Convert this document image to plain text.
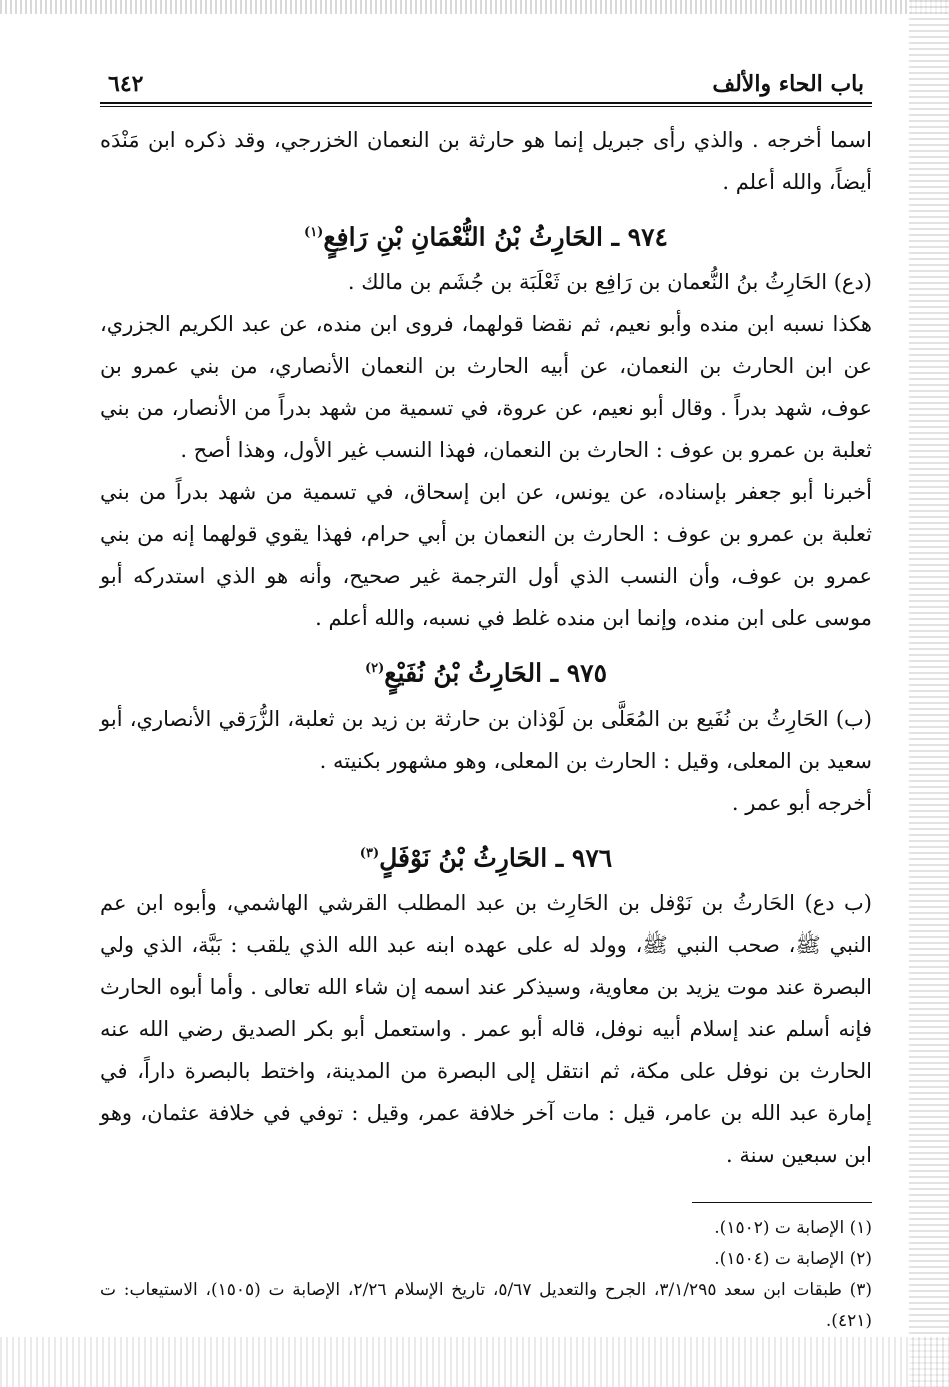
باب الحاء والألف
٦٤٢

اسما أخرجه . والذي رأى جبريل إنما هو حارثة بن النعمان الخزرجي، وقد ذكره ابن مَنْدَه أيضاً، والله أعلم .

٩٧٤ ـ الحَارِثُ بْنُ النُّعْمَانِ بْنِ رَافِعٍ$^{(١)}$

(دع) الحَارِثُ بنُ النُّعمان بن رَافِع بن ثَعْلَبَة بن جُشَم بن مالك .

هكذا نسبه ابن منده وأبو نعيم، ثم نقضا قولهما، فروى ابن منده، عن عبد الكريم الجزري، عن ابن الحارث بن النعمان، عن أبيه الحارث بن النعمان الأنصاري، من بني عمرو بن عوف، شهد بدراً . وقال أبو نعيم، عن عروة، في تسمية من شهد بدراً من الأنصار، من بني ثعلبة بن عمرو بن عوف : الحارث بن النعمان، فهذا النسب غير الأول، وهذا أصح .

أخبرنا أبو جعفر بإسناده، عن يونس، عن ابن إسحاق، في تسمية من شهد بدراً من بني ثعلبة بن عمرو بن عوف : الحارث بن النعمان بن أبي حرام، فهذا يقوي قولهما إنه من بني عمرو بن عوف، وأن النسب الذي أول الترجمة غير صحيح، وأنه هو الذي استدركه أبو موسى على ابن منده، وإنما ابن منده غلط في نسبه، والله أعلم .

٩٧٥ ـ الحَارِثُ بْنُ نُفَيْعٍ$^{(٢)}$

(ب) الحَارِثُ بن نُفَيع بن المُعَلَّى بن لَوْذان بن حارثة بن زيد بن ثعلبة، الزُّرَقي الأنصاري، أبو سعيد بن المعلى، وقيل : الحارث بن المعلى، وهو مشهور بكنيته .

أخرجه أبو عمر .

٩٧٦ ـ الحَارِثُ بْنُ نَوْفَلٍ$^{(٣)}$

(ب دع) الحَارثُ بن نَوْفل بن الحَارِث بن عبد المطلب القرشي الهاشمي، وأبوه ابن عم النبي ﷺ، صحب النبي ﷺ، وولد له على عهده ابنه عبد الله الذي يلقب : بَبَّة، الذي ولي البصرة عند موت يزيد بن معاوية، وسيذكر عند اسمه إن شاء الله تعالى . وأما أبوه الحارث فإنه أسلم عند إسلام أبيه نوفل، قاله أبو عمر . واستعمل أبو بكر الصديق رضي الله عنه الحارث بن نوفل على مكة، ثم انتقل إلى البصرة من المدينة، واختط بالبصرة داراً، في إمارة عبد الله بن عامر، قيل : مات آخر خلافة عمر، وقيل : توفي في خلافة عثمان، وهو ابن سبعين سنة .

(١) الإصابة ت (١٥٠٢).

(٢) الإصابة ت (١٥٠٤).

(٣) طبقات ابن سعد ٣/١/٢٩٥، الجرح والتعديل ٥/٦٧، تاريخ الإسلام ٢/٢٦، الإصابة ت (١٥٠٥)، الاستيعاب: ت (٤٢١).
